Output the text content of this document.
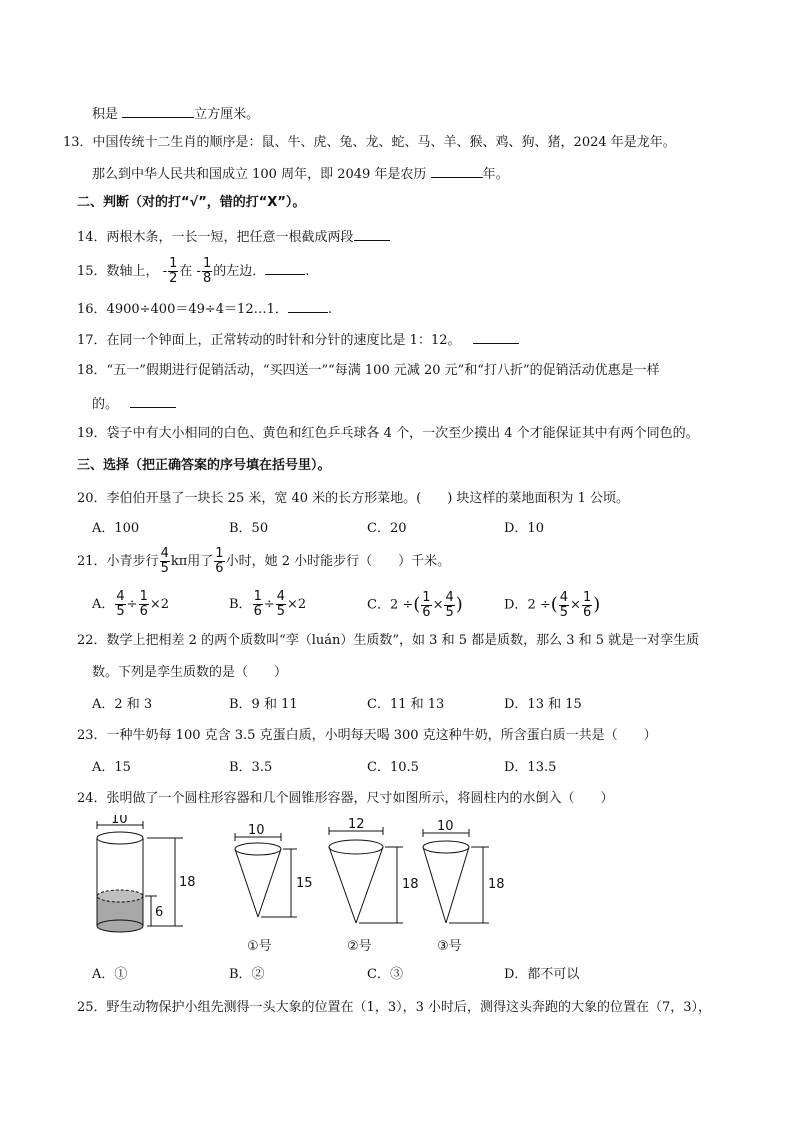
积是	立方厘米。
13．中国传统十二生肖的顺序是：鼠、牛、虎、兔、龙、蛇、马、羊、猴、鸡、狗、猪，2024 年是龙年。
那么到中华人民共和国成立 100 周年，即 2049 年是农历	年。
二、判断（对的打“√”，错的打“X”）。
14．两根木条，一长一短，把任意一根截成两段
15．数轴上， - $\frac{1}{2}$ 在 - $\frac{1}{8}$ 的左边．	.
16．4900÷400＝49÷4＝12…1．	.
17．在同一个钟面上，正常转动的时针和分针的速度比是 1：12。
18．“五一”假期进行促销活动，“买四送一”“每满 100 元减 20 元”和“打八折”的促销活动优惠是一样
的。
19．袋子中有大小相同的白色、黄色和红色乒乓球各 4 个，一次至少摸出 4 个才能保证其中有两个同色的。
三、选择（把正确答案的序号填在括号里）。
20．李伯伯开垦了一块长 25 米，宽 40 米的长方形菜地。(　　) 块这样的菜地面积为 1 公顷。
A．100	B．50	C．20	D．10
21．小青步行 $\frac{4}{5}$ kπ用了 $\frac{1}{6}$ 小时，她 2 小时能步行（　　）千米。
A． $\frac{4}{5} \div \frac{1}{6} \times 2$	B． $\frac{1}{6} \div \frac{4}{5} \times 2$	C．2 ÷( $\frac{1}{6} \times \frac{4}{5}$ )	D．2 ÷( $\frac{4}{5} \times \frac{1}{6}$ )
22．数学上把相差 2 的两个质数叫“孪（luán）生质数”，如 3 和 5 都是质数，那么 3 和 5 就是一对孪生质
数。下列是孪生质数的是（　　）
A．2 和 3	B．9 和 11	C．11 和 13	D．13 和 15
23．一种牛奶每 100 克含 3.5 克蛋白质，小明每天喝 300 克这种牛奶，所含蛋白质一共是（　　）
A．15	B．3.5	C．10.5	D．13.5
24．张明做了一个圆柱形容器和几个圆锥形容器，尺寸如图所示，将圆柱内的水倒入（　　）
10
18
6
10
15
①号
12
18
②号
10
18
③号
A．①	B．②	C．③	D．都不可以
25．野生动物保护小组先测得一头大象的位置在（1，3），3 小时后，测得这头奔跑的大象的位置在（7，3），
